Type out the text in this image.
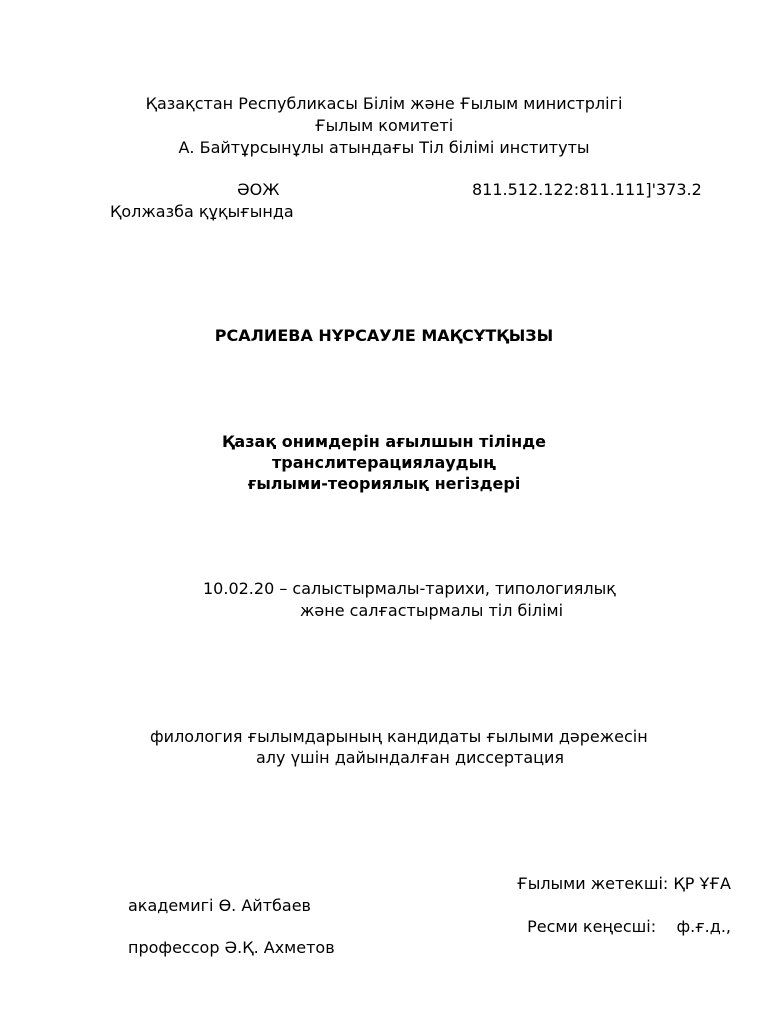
Қазақстан Республикасы Білім және Ғылым министрлігі
Ғылым комитеті
А. Байтұрсынұлы атындағы Тіл білімі институты
ӘОЖ	811.512.122:811.111]'373.2
Қолжазба құқығында
РСАЛИЕВА НҰРСАУЛЕ МАҚСҰТҚЫЗЫ
Қазақ онимдерін ағылшын тілінде
транслитерациялаудың
ғылыми-теориялық негіздері
10.02.20 – салыстырмалы-тарихи, типологиялық
және салғастырмалы тіл білімі
филология ғылымдарының кандидаты ғылыми дәрежесін
алу үшін дайындалған диссертация
Ғылыми жетекші: ҚР ҰҒА
академигі Ө. Айтбаев
Ресми кеңесші:    ф.ғ.д.,
профессор Ә.Қ. Ахметов
